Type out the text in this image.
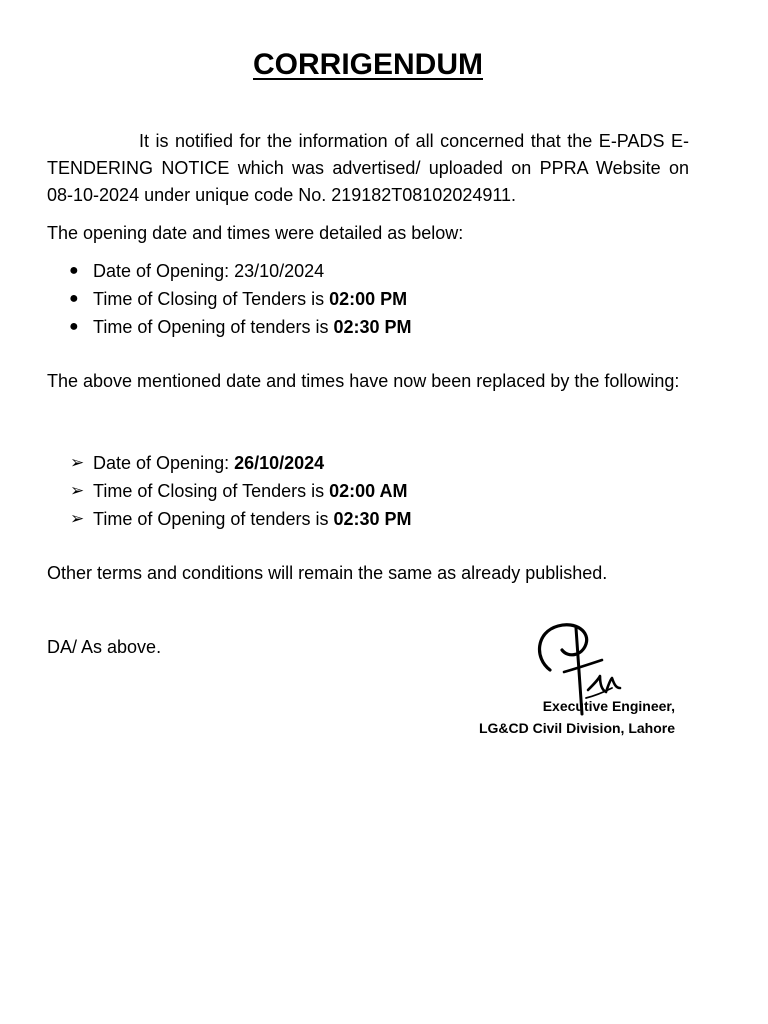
CORRIGENDUM
It is notified for the information of all concerned that the E-PADS E-TENDERING NOTICE which was advertised/ uploaded on PPRA Website on 08-10-2024 under unique code No. 219182T08102024911.
The opening date and times were detailed as below:
● Date of Opening: 23/10/2024
● Time of Closing of Tenders is 02:00 PM
● Time of Opening of tenders is 02:30 PM
The above mentioned date and times have now been replaced by the following:
➢ Date of Opening: 26/10/2024
➢ Time of Closing of Tenders is 02:00 AM
➢ Time of Opening of tenders is 02:30 PM
Other terms and conditions will remain the same as already published.
DA/ As above.
Executive Engineer,
LG&CD Civil Division, Lahore
